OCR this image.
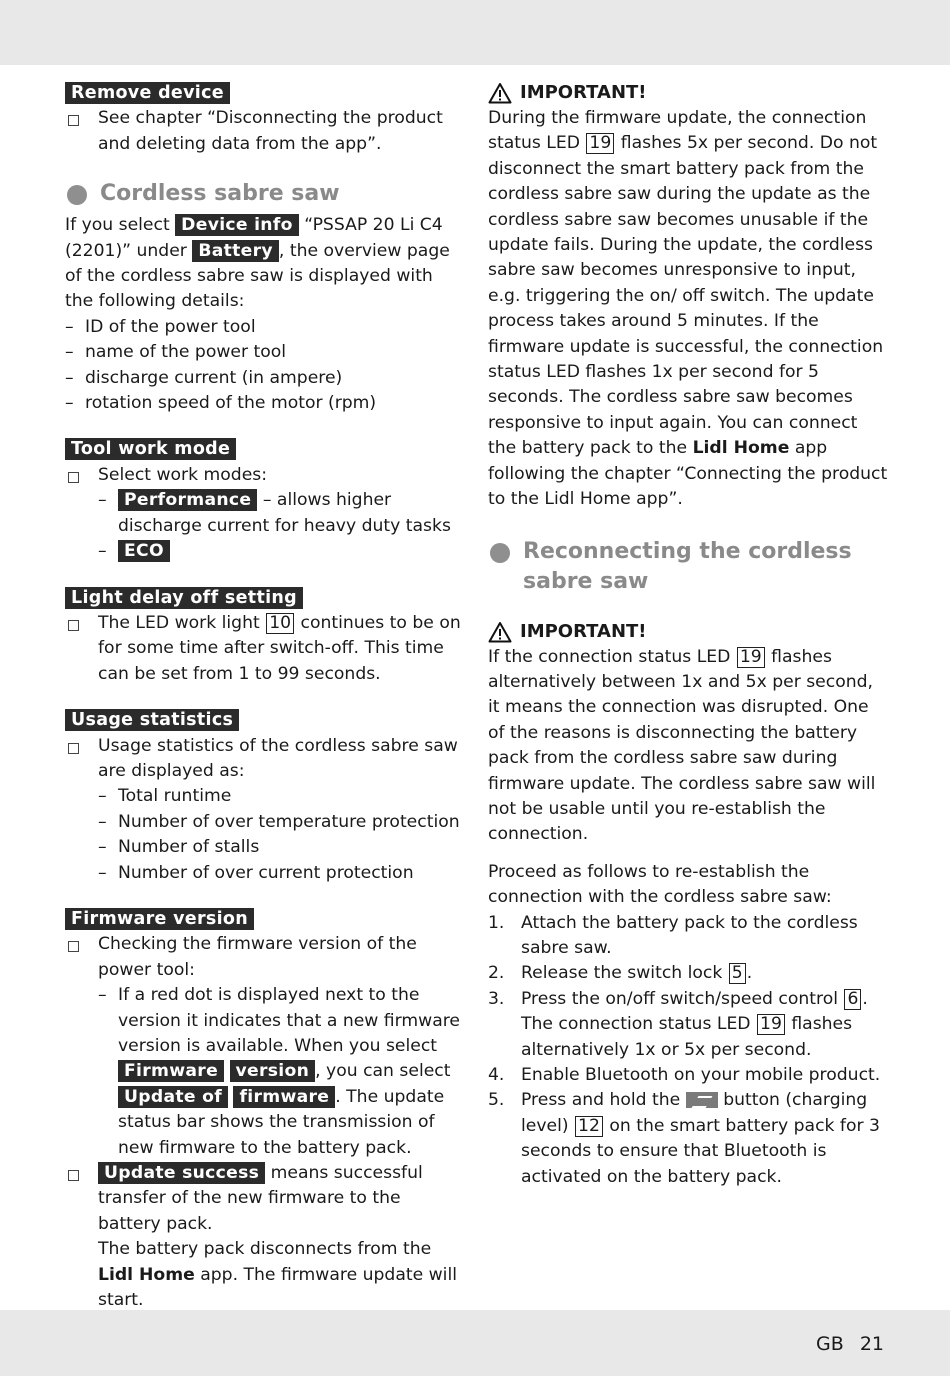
Remove device
See chapter “Disconnecting the product and deleting data from the app”.
Cordless sabre saw
If you select Device info “PSSAP 20 Li C4 (2201)” under Battery , the overview page of the cordless sabre saw is displayed with the following details:
– ID of the power tool
– name of the power tool
– discharge current (in ampere)
– rotation speed of the motor (rpm)
Tool work mode
Select work modes:
–	Performance – allows higher discharge current for heavy duty tasks
–	ECO
Light delay off setting
The LED work light 10 continues to be on for some time after switch-off. This time can be set from 1 to 99 seconds.
Usage statistics
Usage statistics of the cordless sabre saw are displayed as:
– Total runtime
– Number of over temperature protection
– Number of stalls
– Number of over current protection
Firmware version
Checking the firmware version of the power tool:
– If a red dot is displayed next to the version it indicates that a new firmware version is available. When you select Firmware version , you can select Update of firmware . The update status bar shows the transmission of new firmware to the battery pack.
Update success means successful transfer of the new firmware to the battery pack.
The battery pack disconnects from the Lidl Home app. The firmware update will start.
IMPORTANT!
During the firmware update, the connection status LED 19 flashes 5x per second. Do not disconnect the smart battery pack from the cordless sabre saw during the update as the cordless sabre saw becomes unusable if the update fails. During the update, the cordless sabre saw becomes unresponsive to input, e.g. triggering the on/ off switch. The update process takes around 5 minutes. If the firmware update is successful, the connection status LED flashes 1x per second for 5 seconds. The cordless sabre saw becomes responsive to input again. You can connect the battery pack to the Lidl Home app following the chapter “Connecting the product to the Lidl Home app”.
Reconnecting the cordless
sabre saw
IMPORTANT!
If the connection status LED 19 flashes alternatively between 1x and 5x per second, it means the connection was disrupted. One of the reasons is disconnecting the battery pack from the cordless sabre saw during firmware update. The cordless sabre saw will not be usable until you re-establish the connection.
Proceed as follows to re-establish the connection with the cordless sabre saw:
1. Attach the battery pack to the cordless sabre saw.
2. Release the switch lock 5 .
3. Press the on/off switch/speed control 6 . The connection status LED 19 flashes alternatively 1x or 5x per second.
4. Enable Bluetooth on your mobile product.
5. Press and hold the  button (charging level) 12 on the smart battery pack for 3 seconds to ensure that Bluetooth is activated on the battery pack.
GB 21
